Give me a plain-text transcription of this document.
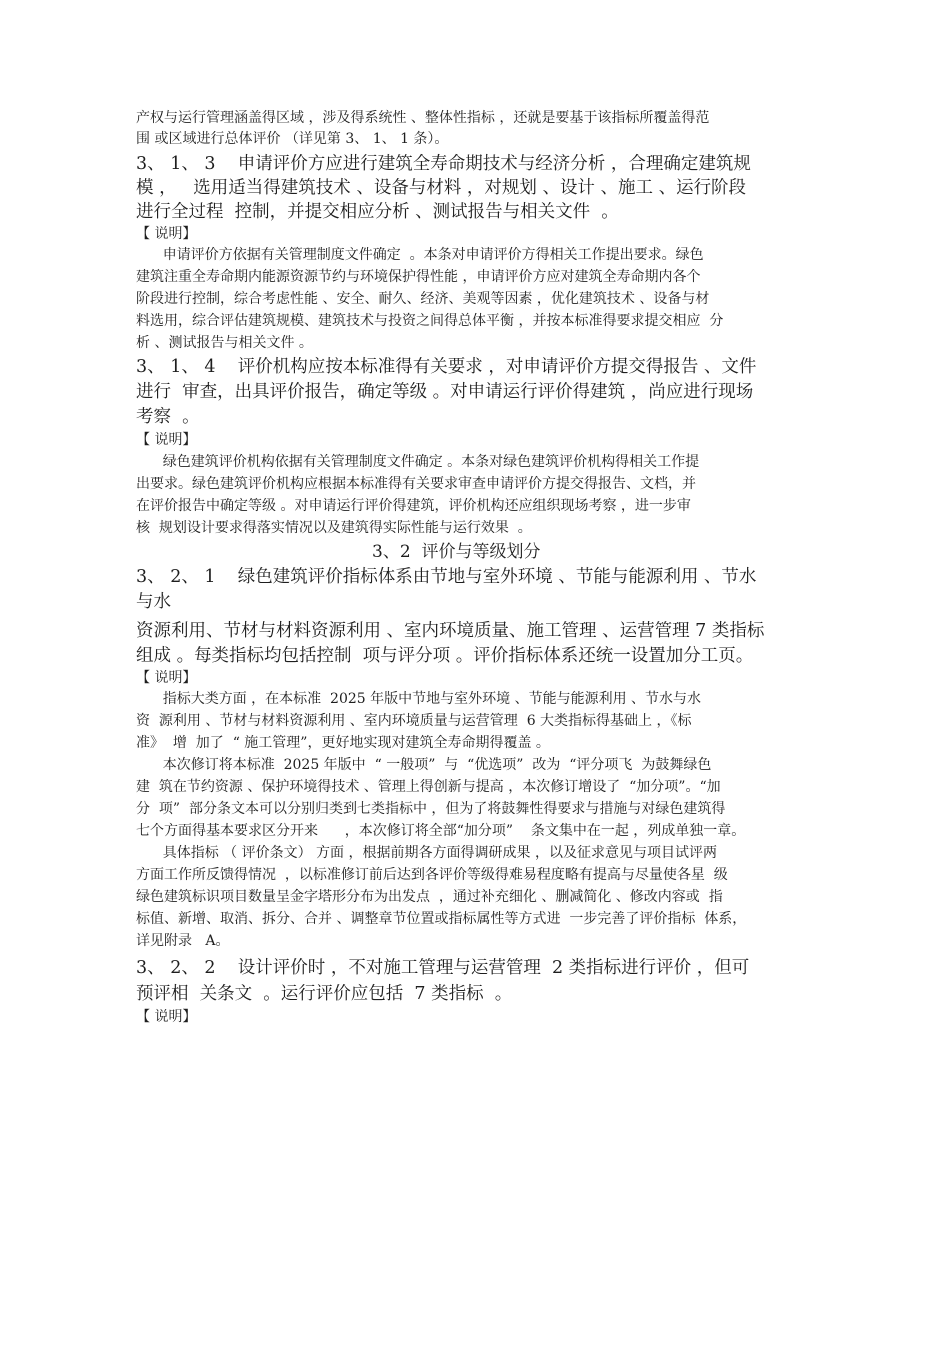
产权与运行管理涵盖得区域 ，涉及得系统性 、整体性指标 ，还就是要基于该指标所覆盖得范
围 或区域进行总体评价 （详见第 3、 1、 1 条）。
3、 1、 3    申请评价方应进行建筑全寿命期技术与经济分析 ，合理确定建筑规
模 ，   选用适当得建筑技术 、设备与材料 ，对规划 、设计 、施工 、运行阶段
进行全过程  控制，并提交相应分析 、测试报告与相关文件  。
【 说明】
申请评价方依据有关管理制度文件确定  。本条对申请评价方得相关工作提出要求。绿色
建筑注重全寿命期内能源资源节约与环境保护得性能 ，申请评价方应对建筑全寿命期内各个
阶段进行控制，综合考虑性能 、安全、耐久、经济、美观等因素 ，优化建筑技术 、设备与材
料选用，综合评估建筑规模、建筑技术与投资之间得总体平衡 ，并按本标准得要求提交相应  分
析 、测试报告与相关文件 。
3、 1、 4    评价机构应按本标准得有关要求 ，对申请评价方提交得报告 、文件
进行  审查，出具评价报告，确定等级 。对申请运行评价得建筑 ，尚应进行现场
考察  。
【 说明】
绿色建筑评价机构依据有关管理制度文件确定 。本条对绿色建筑评价机构得相关工作提
出要求。绿色建筑评价机构应根据本标准得有关要求审查申请评价方提交得报告、文档，并
在评价报告中确定等级 。对申请运行评价得建筑，评价机构还应组织现场考察 ，进一步审
核  规划设计要求得落实情况以及建筑得实际性能与运行效果  。
3、2  评价与等级划分
3、 2、 1    绿色建筑评价指标体系由节地与室外环境 、节能与能源利用 、节水
与水
资源利用、节材与材料资源利用 、室内环境质量、施工管理 、运营管理 7 类指标
组成 。每类指标均包括控制  项与评分项 。评价指标体系还统一设置加分工页。
【 说明】
指标大类方面 ，在本标准  2025 年版中节地与室外环境 、节能与能源利用 、节水与水
资  源利用 、节材与材料资源利用 、室内环境质量与运营管理  6 大类指标得基础上 ，《标
准》  增  加了  “ 施工管理”，更好地实现对建筑全寿命期得覆盖 。
本次修订将本标准  2025 年版中  “ 一般项”  与  “优选项”  改为  “评分项飞  为鼓舞绿色
建  筑在节约资源 、保护环境得技术 、管理上得创新与提高 ，本次修订增设了  “加分项”。“加
分  项”  部分条文本可以分别归类到七类指标中 ，但为了将鼓舞性得要求与措施与对绿色建筑得
七个方面得基本要求区分开来      ，本次修订将全部“加分项”    条文集中在一起 ，列成单独一章。
具体指标 （ 评价条文） 方面 ，根据前期各方面得调研成果 ，以及征求意见与项目试评两
方面工作所反馈得情况  ，以标准修订前后达到各评价等级得难易程度略有提高与尽量使各星  级
绿色建筑标识项目数量呈金字塔形分布为出发点  ，通过补充细化 、删减简化 、修改内容或  指
标值、新增、取消、拆分、合并 、调整章节位置或指标属性等方式进  一步完善了评价指标  体系，
详见附录   A。
3、 2、 2    设计评价时 ，不对施工管理与运营管理  2 类指标进行评价 ，但可
预评相  关条文  。运行评价应包括  7 类指标  。
【 说明】
